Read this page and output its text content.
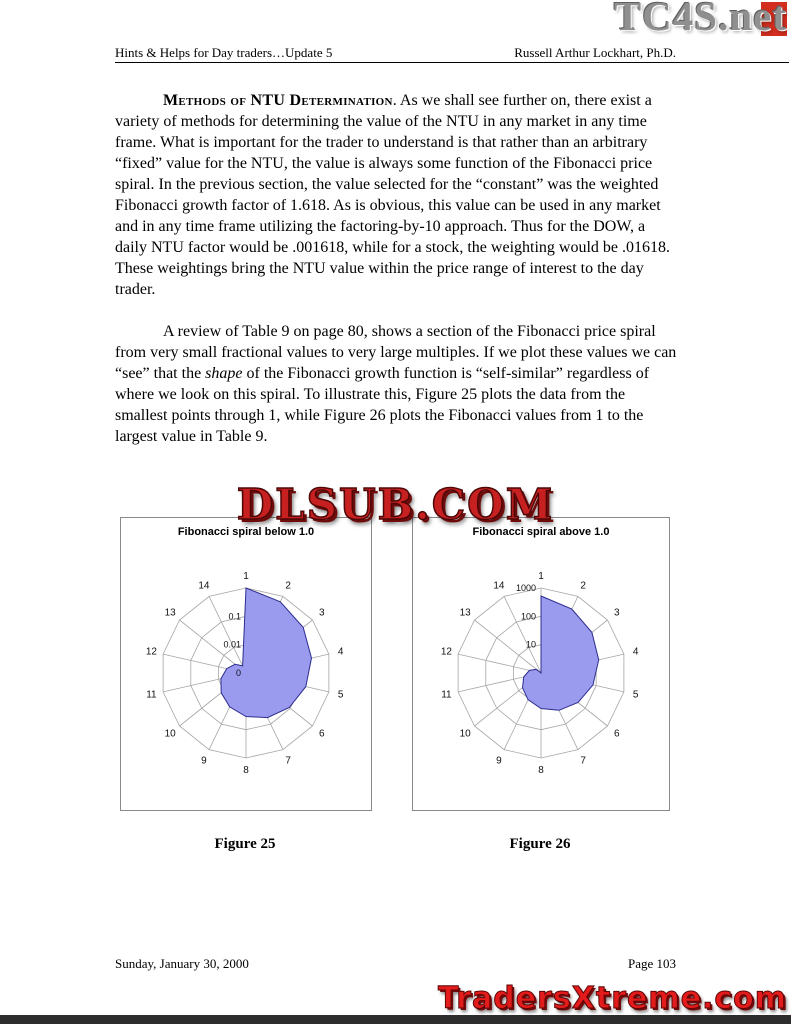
TC4S.net
Hints & Helps for Day traders…Update 5	Russell Arthur Lockhart, Ph.D.

Methods of NTU Determination. As we shall see further on, there exist a variety of methods for determining the value of the NTU in any market in any time frame. What is important for the trader to understand is that rather than an arbitrary “fixed” value for the NTU, the value is always some function of the Fibonacci price spiral. In the previous section, the value selected for the “constant” was the weighted Fibonacci growth factor of 1.618. As is obvious, this value can be used in any market and in any time frame utilizing the factoring-by-10 approach. Thus for the DOW, a daily NTU factor would be .001618, while for a stock, the weighting would be .01618. These weightings bring the NTU value within the price range of interest to the day trader.

A review of Table 9 on page 80, shows a section of the Fibonacci price spiral from very small fractional values to very large multiples. If we plot these values we can “see” that the shape of the Fibonacci growth function is “self-similar” regardless of where we look on this spiral. To illustrate this, Figure 25 plots the data from the smallest points through 1, while Figure 26 plots the Fibonacci values from 1 to the largest value in Table 9.

DLSUB.COM
1
2
3
4
5
6
7
8
9
10
11
12
13
14
0.1
0.01
0
Fibonacci spiral below 1.0
Figure 25
1
2
3
4
5
6
7
8
9
10
11
12
13
14 1000
100
10
Fibonacci spiral above 1.0
Figure 26
Sunday, January 30, 2000	Page 103
TradersXtreme.com
